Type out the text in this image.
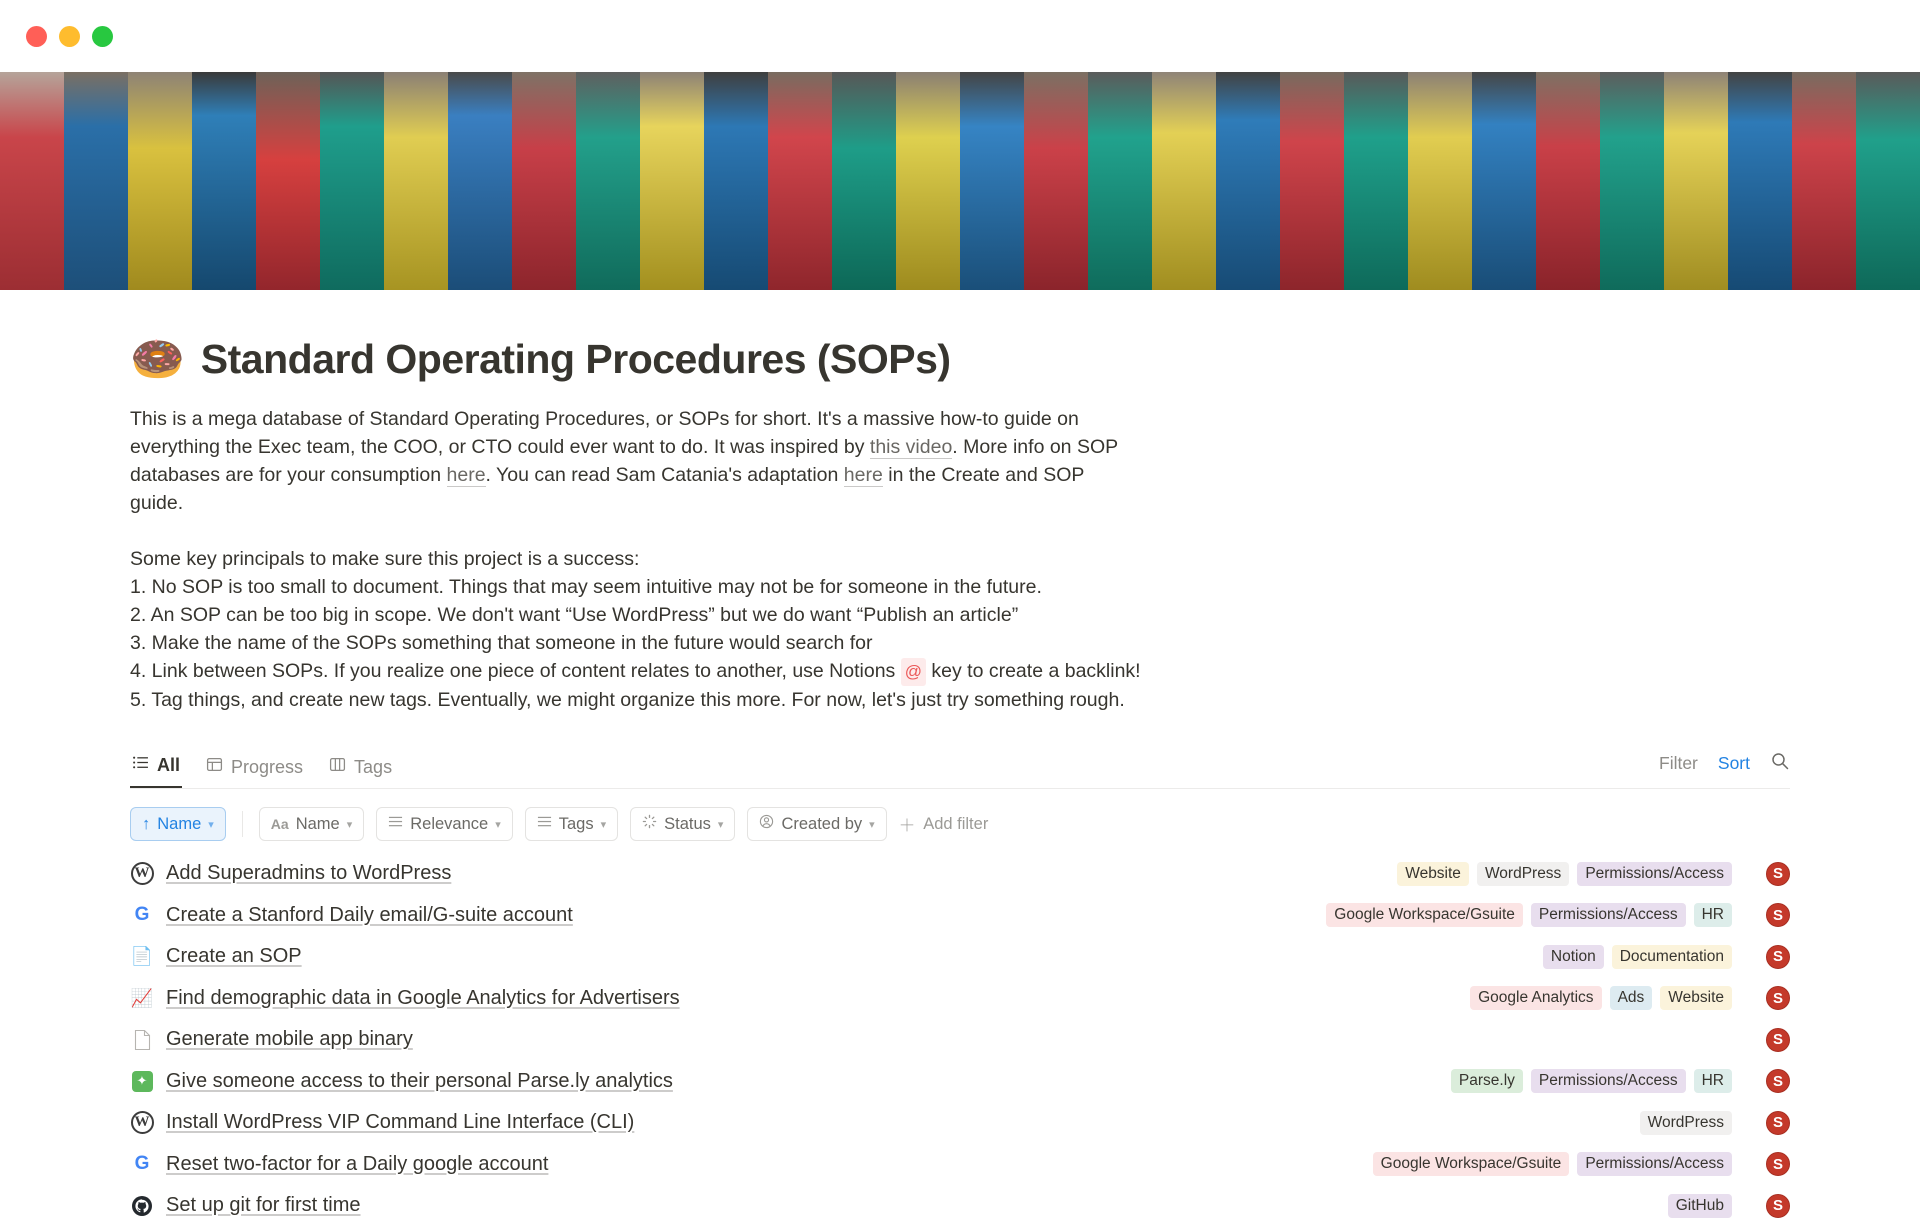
🍩 Standard Operating Procedures (SOPs)
This is a mega database of Standard Operating Procedures, or SOPs for short. It's a massive how-to guide on everything the Exec team, the COO, or CTO could ever want to do. It was inspired by this video. More info on SOP databases are for your consumption here. You can read Sam Catania's adaptation here in the Create and SOP guide.
Some key principals to make sure this project is a success:
1. No SOP is too small to document. Things that may seem intuitive may not be for someone in the future.
2. An SOP can be too big in scope. We don't want “Use WordPress” but we do want “Publish an article”
3. Make the name of the SOPs something that someone in the future would search for
4. Link between SOPs. If you realize one piece of content relates to another, use Notions @ key to create a backlink!
5. Tag things, and create new tags. Eventually, we might organize this more. For now, let's just try something rough.
All	Progress	Tags	Filter Sort
↑ Name ▾	Aa Name ▾	Relevance ▾	Tags ▾	Status ▾	Created by ▾ ＋ Add filter
W Add Superadmins to WordPress	Website	WordPress	Permissions/Access	S
G Create a Stanford Daily email/G-suite account	Google Workspace/Gsuite	Permissions/Access	HR	S
📄 Create an SOP	Notion	Documentation	S
📈 Find demographic data in Google Analytics for Advertisers	Google Analytics	Ads	Website	S
Generate mobile app binary	S
✦ Give someone access to their personal Parse.ly analytics	Parse.ly	Permissions/Access	HR	S
W Install WordPress VIP Command Line Interface (CLI)	WordPress	S
G Reset two-factor for a Daily google account	Google Workspace/Gsuite	Permissions/Access	S
Set up git for first time	GitHub	S
